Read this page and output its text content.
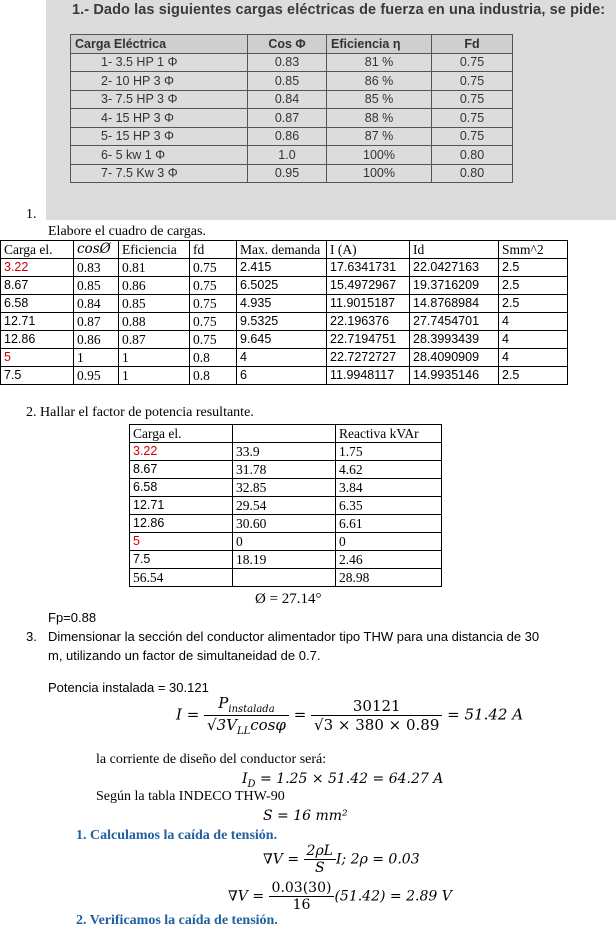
1.- Dado las siguientes cargas eléctricas de fuerza en una industria, se pide:
Carga Eléctrica	Cos Φ	Eficiencia η	Fd
1- 3.5 HP 1 Φ	0.83	81 %	0.75
2- 10 HP 3 Φ	0.85	86 %	0.75
3- 7.5 HP 3 Φ	0.84	85 %	0.75
4- 15 HP 3 Φ	0.87	88 %	0.75
5- 15 HP 3 Φ	0.86	87 %	0.75
6- 5 kw 1 Φ	1.0	100%	0.80
7- 7.5 Kw 3 Φ	0.95	100%	0.80
1.
Elabore el cuadro de cargas.
Carga el.	cosØ	Eficiencia	fd	Max. demanda	I (A)	Id	Smm^2
3.22	0.83	0.81	0.75	2.415	17.6341731	22.0427163	2.5
8.67	0.85	0.86	0.75	6.5025	15.4972967	19.3716209	2.5
6.58	0.84	0.85	0.75	4.935	11.9015187	14.8768984	2.5
12.71	0.87	0.88	0.75	9.5325	22.196376	27.7454701	4
12.86	0.86	0.87	0.75	9.645	22.7194751	28.3993439	4
5	1	1	0.8	4	22.7272727	28.4090909	4
7.5	0.95	1	0.8	6	11.9948117	14.9935146	2.5
2. Hallar el factor de potencia resultante.
Carga el.		Reactiva kVAr
3.22	33.9	1.75
8.67	31.78	4.62
6.58	32.85	3.84
12.71	29.54	6.35
12.86	30.60	6.61
5	0	0
7.5	18.19	2.46
56.54		28.98
Ø = 27.14°
Fp=0.88
3. Dimensionar la sección del conductor alimentador tipo THW para una distancia de 30
m, utilizando un factor de simultaneidad de 0.7.
Potencia instalada = 30.121
$I = \frac{P_{instalada}}{√3V_{LL}\cos\varphi} = \frac{30121}{√3 \times 380 \times 0.89} = 51.42$ A
la corriente de diseño del conductor será:
$I_D = 1.25 \times 51.42 = 64.27$ A
Según la tabla INDECO THW-90
S = 16 mm²
1. Calculamos la caída de tensión.
$\nabla V = \frac{2\rho L}{S} I$; 2ρ = 0.03
$\nabla V = \frac{0.03(30)}{16} (51.42) = 2.89$ V
2. Verificamos la caída de tensión.
